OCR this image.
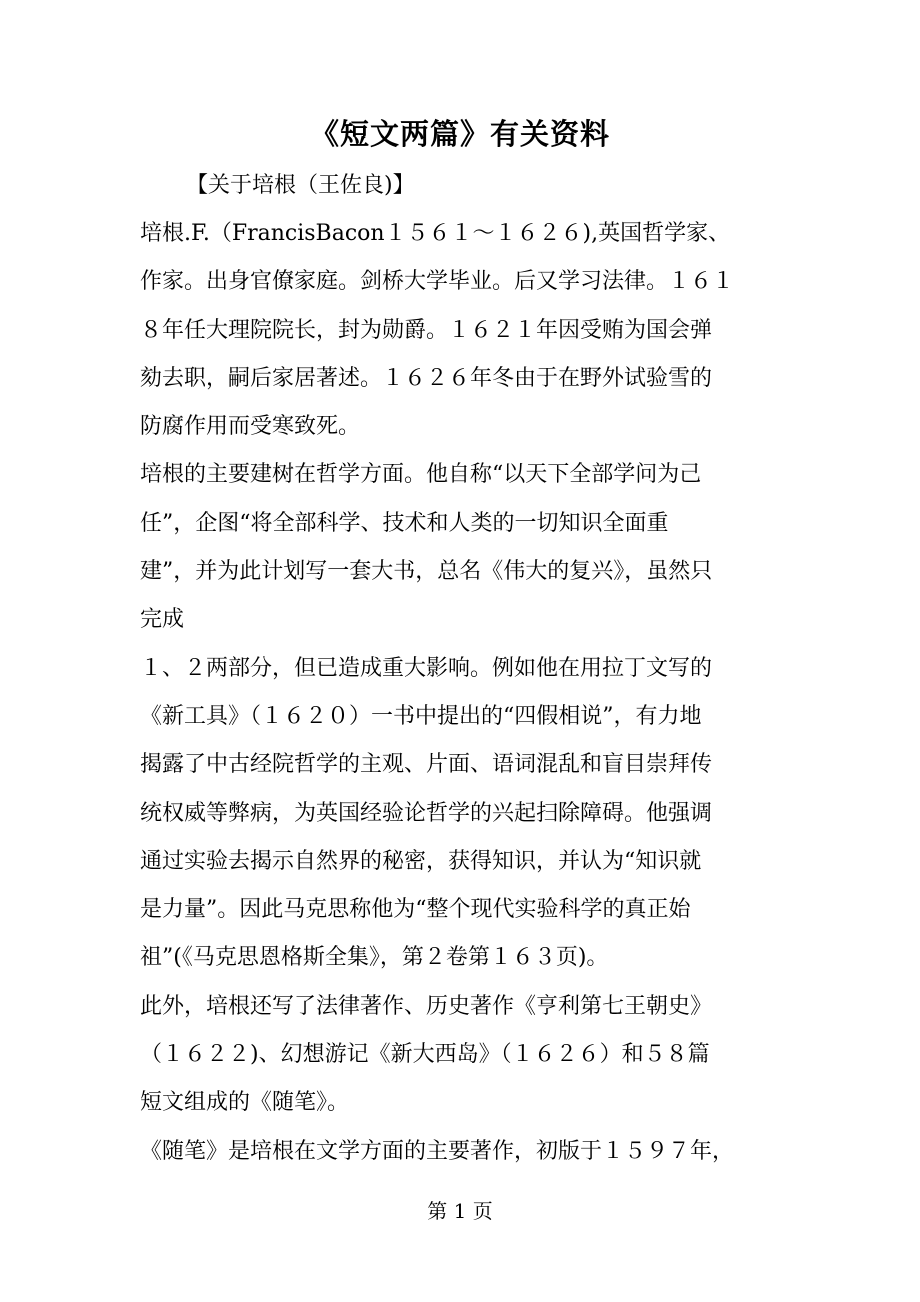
《短文两篇》有关资料
【关于培根（王佐良)】

培根.F.（FrancisBacon１５６１～１６２６),英国哲学家、
作家。出身官僚家庭。剑桥大学毕业。后又学习法律。１６１
８年任大理院院长，封为勋爵。１６２１年因受贿为国会弹
劾去职，嗣后家居著述。１６２６年冬由于在野外试验雪的
防腐作用而受寒致死。

培根的主要建树在哲学方面。他自称“以天下全部学问为己
任”，企图“将全部科学、技术和人类的一切知识全面重
建”，并为此计划写一套大书，总名《伟大的复兴》，虽然只
完成

１、２两部分，但已造成重大影响。例如他在用拉丁文写的
《新工具》（１６２０）一书中提出的“四假相说”，有力地
揭露了中古经院哲学的主观、片面、语词混乱和盲目崇拜传
统权威等弊病，为英国经验论哲学的兴起扫除障碍。他强调
通过实验去揭示自然界的秘密，获得知识，并认为“知识就
是力量”。因此马克思称他为“整个现代实验科学的真正始
祖”(《马克思恩格斯全集》，第２卷第１６３页)。

此外，培根还写了法律著作、历史著作《亨利第七王朝史》
（１６２２)、幻想游记《新大西岛》（１６２６）和５８篇
短文组成的《随笔》。

《随笔》是培根在文学方面的主要著作，初版于１５９７年，

第 1 页
